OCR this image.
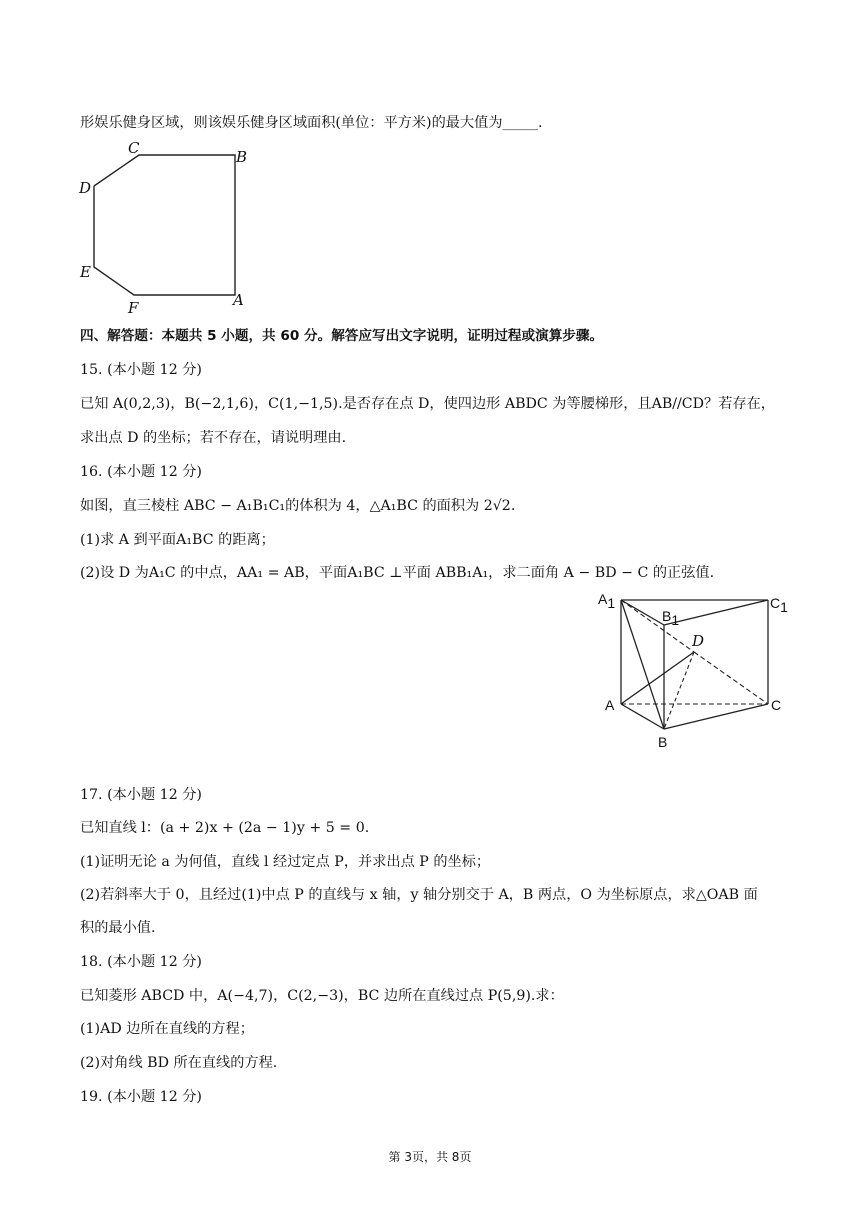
形娱乐健身区域，则该娱乐健身区域面积(单位：平方米)的最大值为_____.
C	B
D
E
F	A
四、解答题：本题共 5 小题，共 60 分。解答应写出文字说明，证明过程或演算步骤。
15. (本小题 12 分)
已知 A(0,2,3)，B(−2,1,6)，C(1,−1,5).是否存在点 D，使四边形 ABDC 为等腰梯形，且AB//CD？若存在，
求出点 D 的坐标；若不存在，请说明理由.
16. (本小题 12 分)
如图，直三棱柱 ABC − A₁B₁C₁的体积为 4，△A₁BC 的面积为 2√2.
(1)求 A 到平面A₁BC 的距离；
(2)设 D 为A₁C 的中点，AA₁ = AB，平面A₁BC ⊥平面 ABB₁A₁，求二面角 A − BD − C 的正弦值.
A1
B1
C1
D
A
B
C
17. (本小题 12 分)
已知直线 l：(a + 2)x + (2a − 1)y + 5 = 0.
(1)证明无论 a 为何值，直线 l 经过定点 P，并求出点 P 的坐标；
(2)若斜率大于 0，且经过(1)中点 P 的直线与 x 轴，y 轴分别交于 A，B 两点，O 为坐标原点，求△OAB 面
积的最小值.
18. (本小题 12 分)
已知菱形 ABCD 中，A(−4,7)，C(2,−3)，BC 边所在直线过点 P(5,9).求：
(1)AD 边所在直线的方程；
(2)对角线 BD 所在直线的方程.
19. (本小题 12 分)
第 3页，共 8页
